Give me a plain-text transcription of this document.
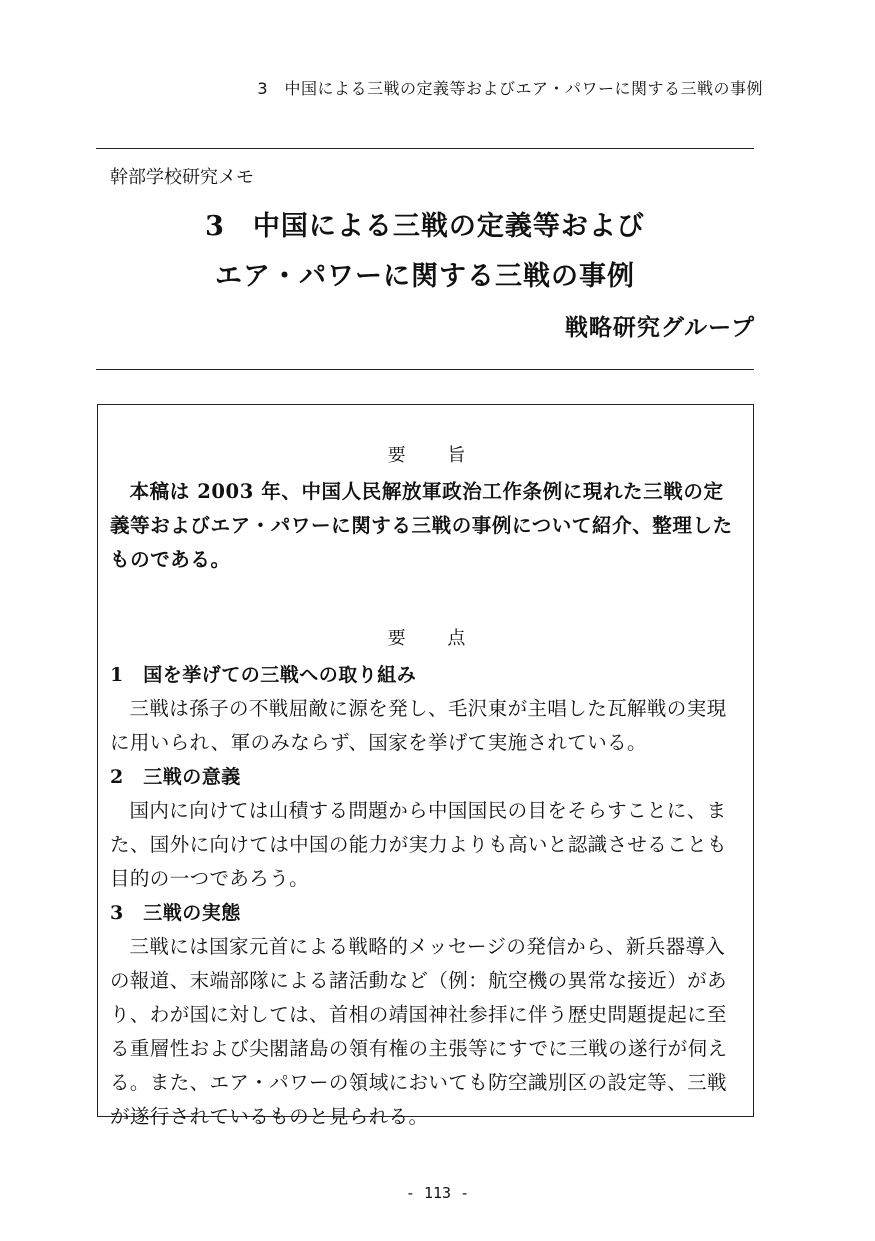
3　中国による三戦の定義等およびエア・パワーに関する三戦の事例
幹部学校研究メモ
3　中国による三戦の定義等および
エア・パワーに関する三戦の事例
戦略研究グループ
要 旨

本稿は 2003 年、中国人民解放軍政治工作条例に現れた三戦の定義等およびエア・パワーに関する三戦の事例について紹介、整理したものである。

要 点

1　国を挙げての三戦への取り組み

三戦は孫子の不戦屈敵に源を発し、毛沢東が主唱した瓦解戦の実現に用いられ、軍のみならず、国家を挙げて実施されている。

2　三戦の意義

国内に向けては山積する問題から中国国民の目をそらすことに、また、国外に向けては中国の能力が実力よりも高いと認識させることも目的の一つであろう。

3　三戦の実態

三戦には国家元首による戦略的メッセージの発信から、新兵器導入の報道、末端部隊による諸活動など（例：航空機の異常な接近）があり、わが国に対しては、首相の靖国神社参拝に伴う歴史問題提起に至る重層性および尖閣諸島の領有権の主張等にすでに三戦の遂行が伺える。また、エア・パワーの領域においても防空識別区の設定等、三戦が遂行されているものと見られる。

- 113 -
